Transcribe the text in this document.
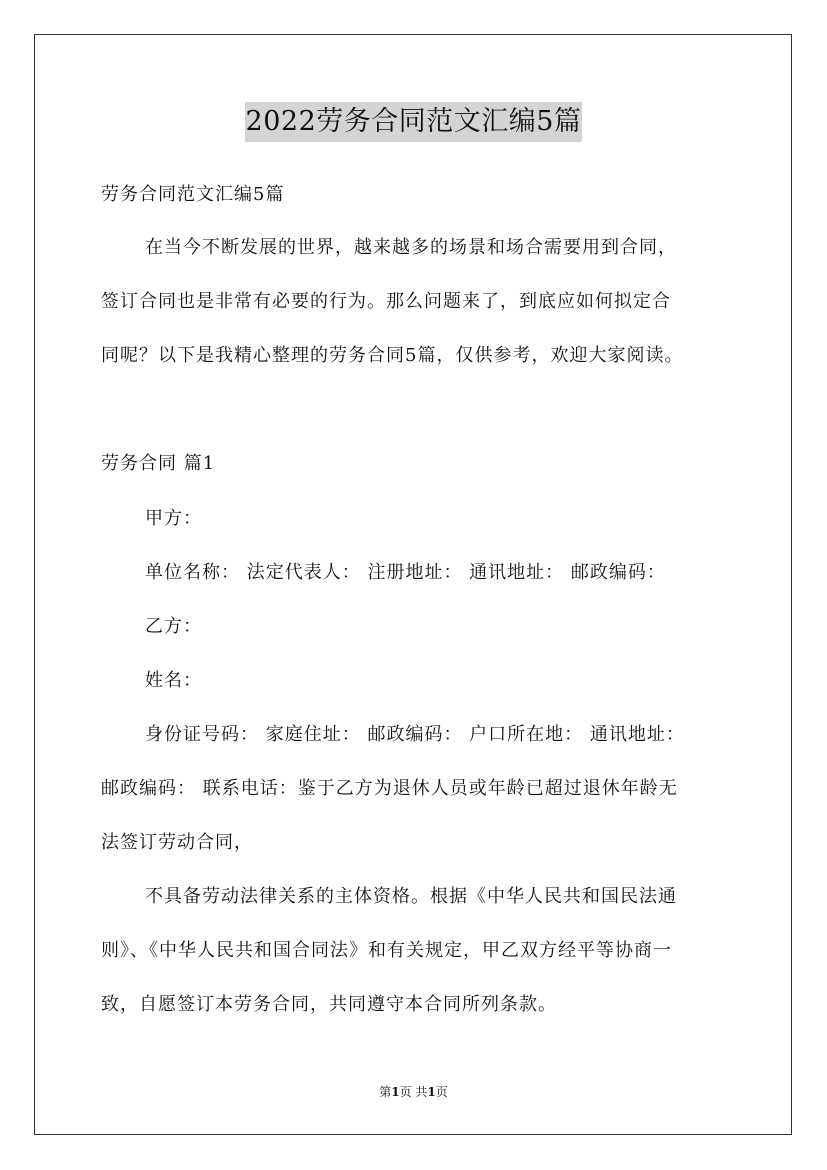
2022劳务合同范文汇编5篇
劳务合同范文汇编5篇
在当今不断发展的世界，越来越多的场景和场合需要用到合同，
签订合同也是非常有必要的行为。那么问题来了，到底应如何拟定合
同呢？以下是我精心整理的劳务合同5篇，仅供参考，欢迎大家阅读。
劳务合同 篇1
甲方：
单位名称： 法定代表人： 注册地址： 通讯地址： 邮政编码：
乙方：
姓名：
身份证号码： 家庭住址： 邮政编码： 户口所在地： 通讯地址：
邮政编码： 联系电话：鉴于乙方为退休人员或年龄已超过退休年龄无
法签订劳动合同，
不具备劳动法律关系的主体资格。根据《中华人民共和国民法通
则》、《中华人民共和国合同法》和有关规定，甲乙双方经平等协商一
致，自愿签订本劳务合同，共同遵守本合同所列条款。
第1页 共1页
